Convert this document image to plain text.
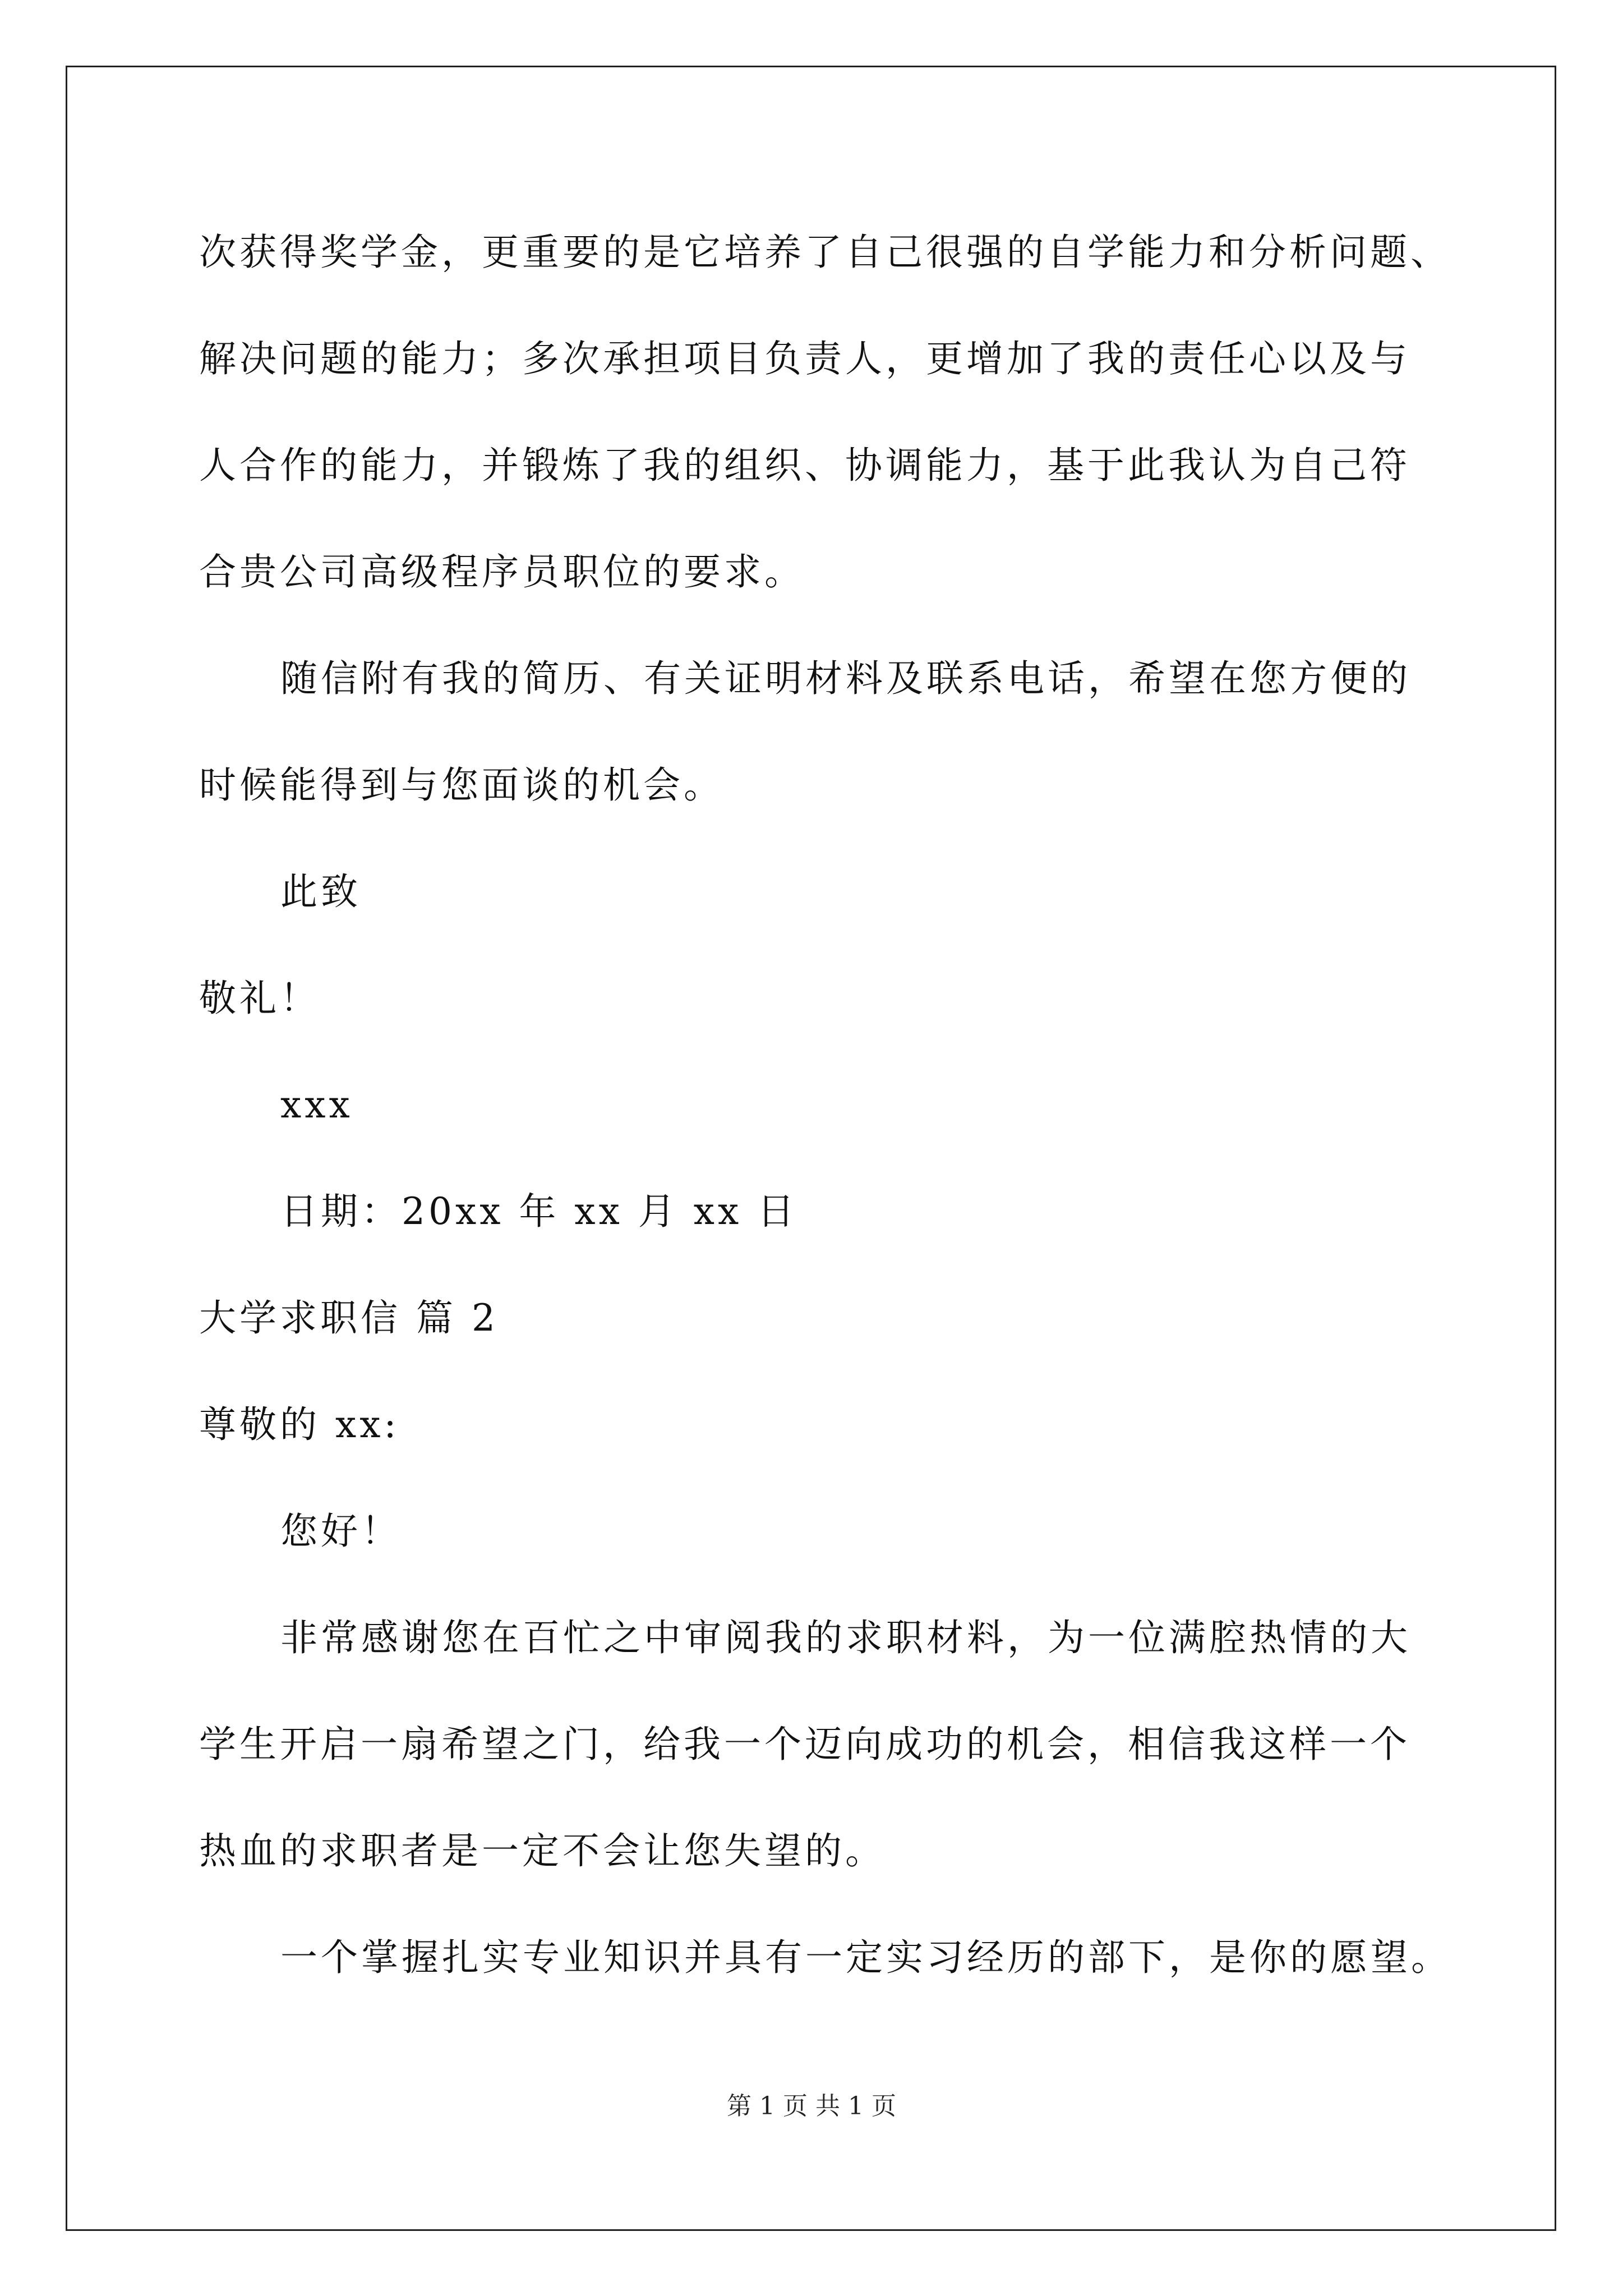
次获得奖学金，更重要的是它培养了自己很强的自学能力和分析问题、
解决问题的能力；多次承担项目负责人，更增加了我的责任心以及与
人合作的能力，并锻炼了我的组织、协调能力，基于此我认为自己符
合贵公司高级程序员职位的要求。
随信附有我的简历、有关证明材料及联系电话，希望在您方便的
时候能得到与您面谈的机会。
此致
敬礼！
xxx
日期：20xx 年 xx 月 xx 日
大学求职信 篇 2
尊敬的 xx:
您好！
非常感谢您在百忙之中审阅我的求职材料，为一位满腔热情的大
学生开启一扇希望之门，给我一个迈向成功的机会，相信我这样一个
热血的求职者是一定不会让您失望的。
一个掌握扎实专业知识并具有一定实习经历的部下，是你的愿望。
第 1 页 共 1 页
